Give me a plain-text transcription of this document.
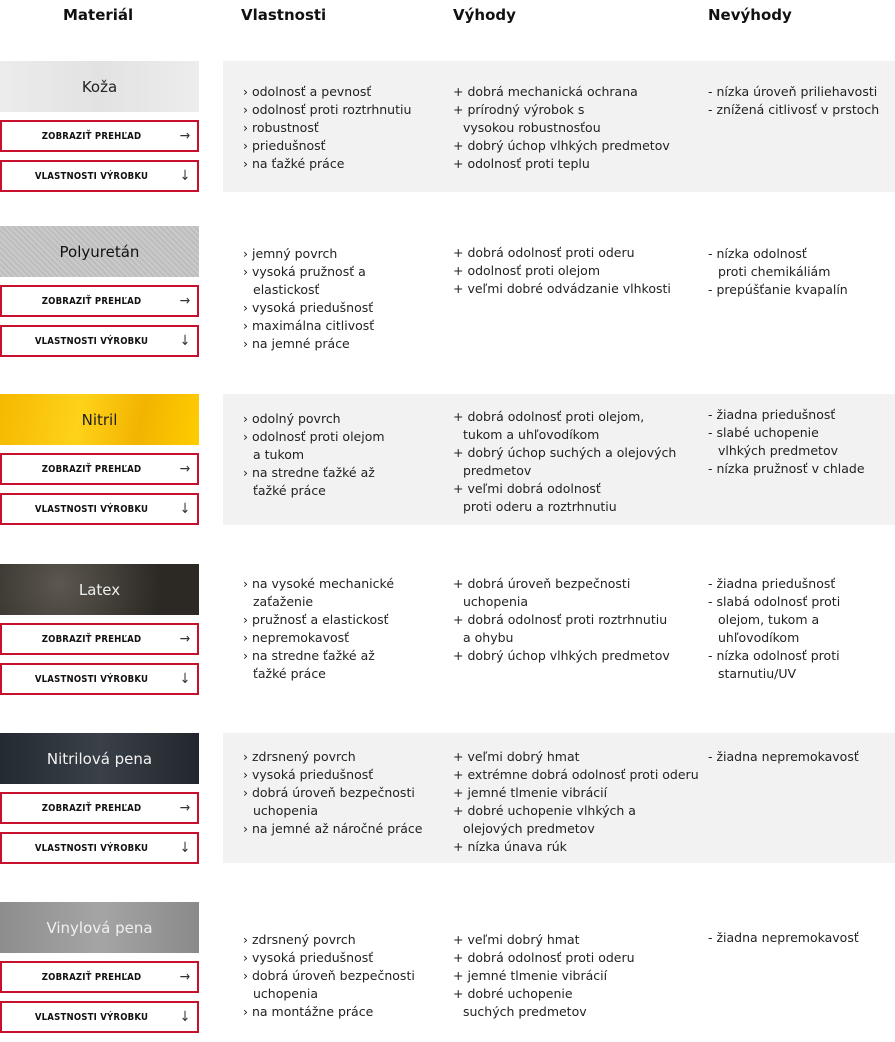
Materiál	Vlastnosti	Výhody	Nevýhody
Koža
ZOBRAZIŤ PREHĽAD	→
VLASTNOSTI VÝROBKU	↓
› odolnosť a pevnosť
› odolnosť proti roztrhnutiu
› robustnosť
› priedušnosť
› na ťažké práce
+ dobrá mechanická ochrana
+ prírodný výrobok s
vysokou robustnosťou
+ dobrý úchop vlhkých predmetov
+ odolnosť proti teplu
- nízka úroveň priliehavosti
- znížená citlivosť v prstoch
Polyuretán
ZOBRAZIŤ PREHĽAD	→
VLASTNOSTI VÝROBKU	↓
› jemný povrch
› vysoká pružnosť a
elastickosť
› vysoká priedušnosť
› maximálna citlivosť
› na jemné práce
+ dobrá odolnosť proti oderu
+ odolnosť proti olejom
+ veľmi dobré odvádzanie vlhkosti
- nízka odolnosť
proti chemikáliám
- prepúšťanie kvapalín
Nitril
ZOBRAZIŤ PREHĽAD	→
VLASTNOSTI VÝROBKU	↓
› odolný povrch
› odolnosť proti olejom
a tukom
› na stredne ťažké až
ťažké práce
+ dobrá odolnosť proti olejom,
tukom a uhľovodíkom
+ dobrý úchop suchých a olejových
predmetov
+ veľmi dobrá odolnosť
proti oderu a roztrhnutiu
- žiadna priedušnosť
- slabé uchopenie
vlhkých predmetov
- nízka pružnosť v chlade
Latex
ZOBRAZIŤ PREHĽAD	→
VLASTNOSTI VÝROBKU	↓
› na vysoké mechanické
zaťaženie
› pružnosť a elastickosť
› nepremokavosť
› na stredne ťažké až
ťažké práce
+ dobrá úroveň bezpečnosti
uchopenia
+ dobrá odolnosť proti roztrhnutiu
a ohybu
+ dobrý úchop vlhkých predmetov
- žiadna priedušnosť
- slabá odolnosť proti
olejom, tukom a
uhľovodíkom
- nízka odolnosť proti
starnutiu/UV
Nitrilová pena
ZOBRAZIŤ PREHĽAD	→
VLASTNOSTI VÝROBKU	↓
› zdrsnený povrch
› vysoká priedušnosť
› dobrá úroveň bezpečnosti
uchopenia
› na jemné až náročné práce
+ veľmi dobrý hmat
+ extrémne dobrá odolnosť proti oderu
+ jemné tlmenie vibrácií
+ dobré uchopenie vlhkých a
olejových predmetov
+ nízka únava rúk
- žiadna nepremokavosť
Vinylová pena
ZOBRAZIŤ PREHĽAD	→
VLASTNOSTI VÝROBKU	↓
› zdrsnený povrch
› vysoká priedušnosť
› dobrá úroveň bezpečnosti
uchopenia
› na montážne práce
+ veľmi dobrý hmat
+ dobrá odolnosť proti oderu
+ jemné tlmenie vibrácií
+ dobré uchopenie
suchých predmetov
- žiadna nepremokavosť
